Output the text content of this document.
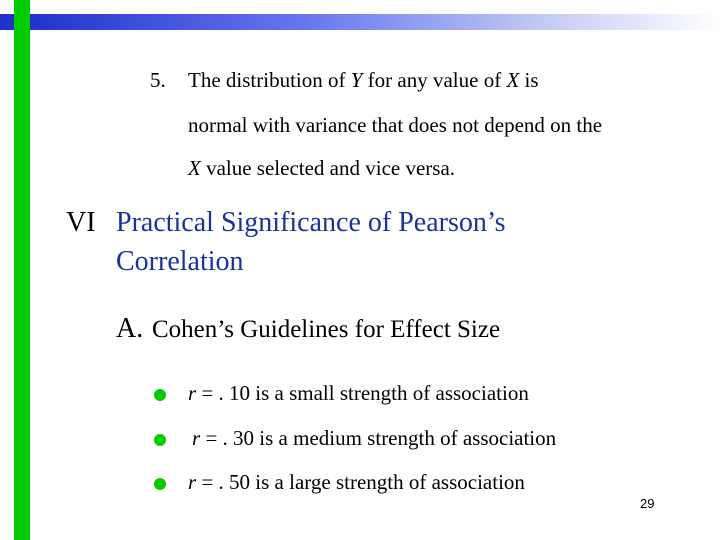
5. The distribution of Y for any value of X is
normal with variance that does not depend on the
X value selected and vice versa.
VI Practical Significance of Pearson’s
Correlation
A. Cohen’s Guidelines for Effect Size
r = . 10 is a small strength of association
r = . 30 is a medium strength of association
r = . 50 is a large strength of association
29
